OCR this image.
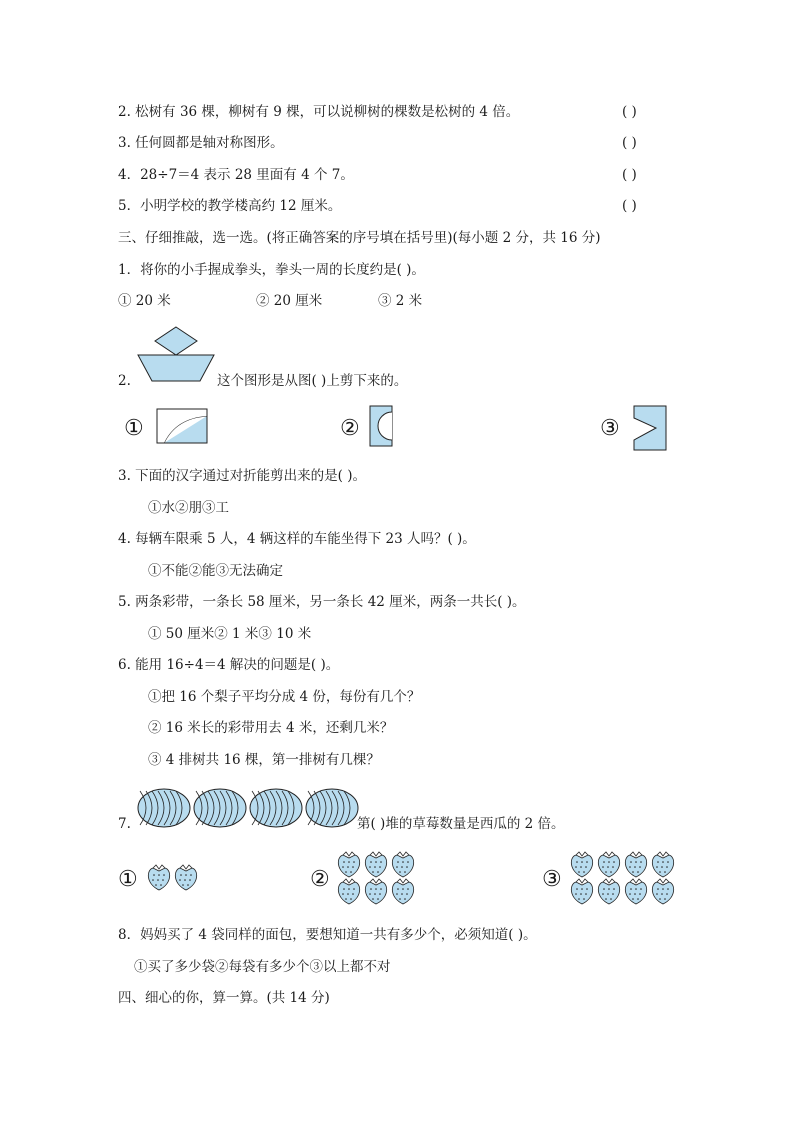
2. 松树有 36 棵，柳树有 9 棵，可以说柳树的棵数是松树的 4 倍。	( )
3. 任何圆都是轴对称图形。	( )
4．28÷7＝4 表示 28 里面有 4 个 7。	( )
5．小明学校的教学楼高约 12 厘米。	( )
三、仔细推敲，选一选。(将正确答案的序号填在括号里)(每小题 2 分，共 16 分)
1．将你的小手握成拳头，拳头一周的长度约是( )。
① 20 米	② 20 厘米	③ 2 米
2.	这个图形是从图( )上剪下来的。
①	②	③
3. 下面的汉字通过对折能剪出来的是( )。
①水②朋③工
4. 每辆车限乘 5 人，4 辆这样的车能坐得下 23 人吗？( )。
①不能②能③无法确定
5. 两条彩带，一条长 58 厘米，另一条长 42 厘米，两条一共长( )。
① 50 厘米② 1 米③ 10 米
6. 能用 16÷4＝4 解决的问题是( )。
①把 16 个梨子平均分成 4 份，每份有几个？
② 16 米长的彩带用去 4 米，还剩几米？
③ 4 排树共 16 棵，第一排树有几棵？
7.	第( )堆的草莓数量是西瓜的 2 倍。
①	②	③
8．妈妈买了 4 袋同样的面包，要想知道一共有多少个，必须知道( )。
①买了多少袋②每袋有多少个③以上都不对
四、细心的你，算一算。(共 14 分)
